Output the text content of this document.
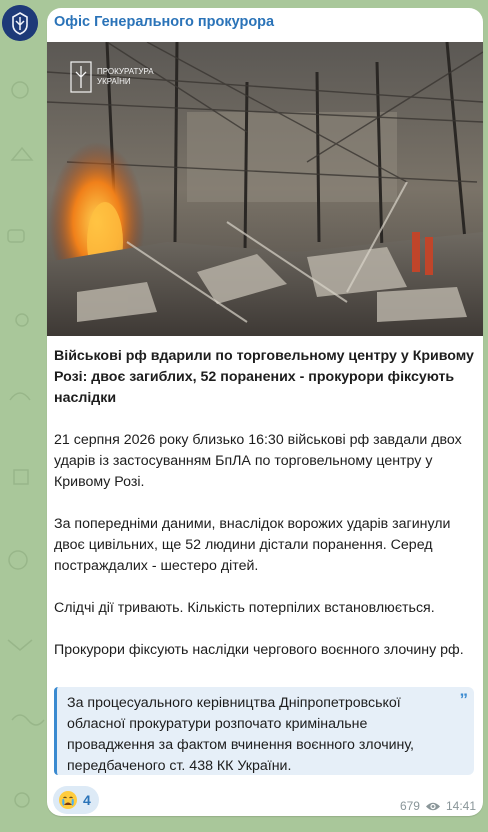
Офіс Генерального прокурора
ПРОКУРАТУРА
УКРАЇНИ

Військові рф вдарили по торговельному центру у Кривому Розі: двоє загиблих, 52 поранених - прокурори фіксують наслідки

21 серпня 2026 року близько 16:30 військові рф завдали двох ударів із застосуванням БпЛА по торговельному центру у Кривому Розі.

За попередніми даними, внаслідок ворожих ударів загинули двоє цивільних, ще 52 людини дістали поранення. Серед постраждалих - шестеро дітей.

Слідчі дії тривають. Кількість потерпілих встановлюється.

Прокурори фіксують наслідки чергового воєнного злочину рф.

За процесуального керівництва Дніпропетровської обласної прокуратури розпочато кримінальне провадження за фактом вчинення воєнного злочину, передбаченого ст. 438 КК України.
”
4	679 14:41
